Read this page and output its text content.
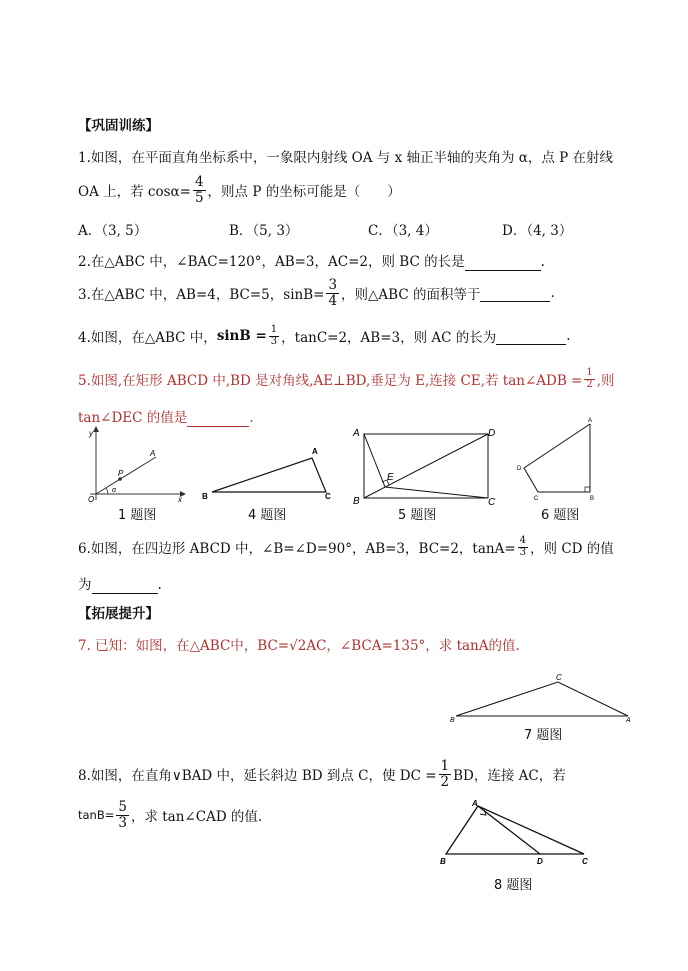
【巩固训练】
1.如图，在平面直角坐标系中，一象限内射线 OA 与 x 轴正半轴的夹角为 α，点 P 在射线
OA 上，若 $\cos\alpha= \frac{4}{5}$ ，则点 P 的坐标可能是（　　）
A．（3, 5）	B．（5, 3）	C．（3, 4）	D．（4, 3）
2.在△ABC 中，∠BAC=120°，AB=3，AC=2，则 BC 的长是	.
3.在△ABC 中，AB=4，BC=5，$\sin B= \frac{3}{4}$ ，则△ABC 的面积等于
	.
4.如图，在△ABC 中， $\sin B = \frac{1}{3}$ ，tanC=2，AB=3，则 AC 的长为
	.
5.如图,在矩形 ABCD 中,BD 是对角线,AE⊥BD,垂足为 E,连接 CE,若 tan∠ADB = $\frac{1}{2}$ ,则
tan∠DEC 的值是	.
y
x
O
P
A
α
1 题图
A
B	C
4 题图
A
B	C
D
E
5 题图
A
B
C
D
6 题图
6.如图，在四边形 ABCD 中，∠B=∠D=90°，AB=3，BC=2，$\tan A= \frac{4}{3}$ ，则 CD 的值
为	.
【拓展提升】
7. 已知：如图，在△ABC中，BC=√2AC，∠BCA=135°，求 tanA的值.
C
B	A
7 题图
8.如图，在直角∨BAD 中，延长斜边 BD 到点 C，使 DC = $\frac{1}{2}$ BD，连接 AC，若
$\tan B= \frac{5}{3}$ ，求 tan∠CAD 的值.
A
B	D	C
8 题图
